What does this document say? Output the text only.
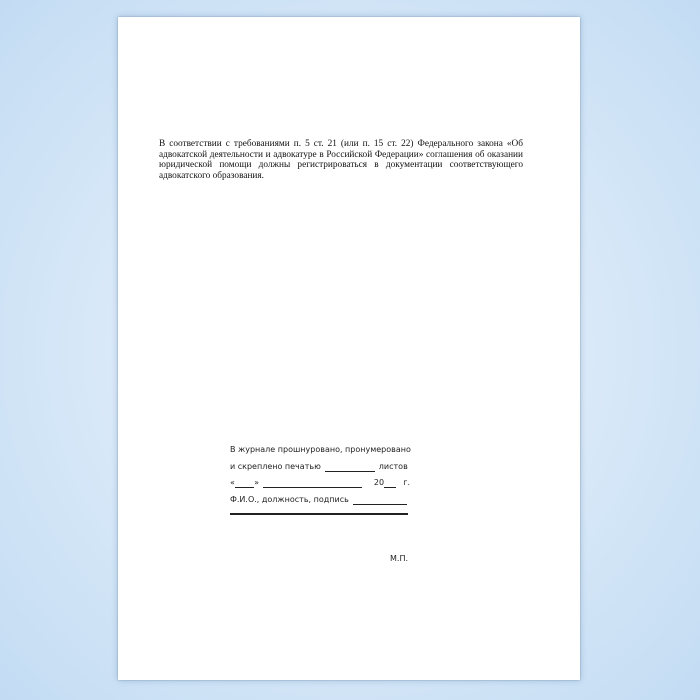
В соответствии с требованиями п. 5 ст. 21 (или п. 15 ст. 22) Федерального закона «Об адвокатской деятельности и адвокатуре в Российской Федерации» соглашения об оказании юридической помощи должны регистрироваться в документации соответствующего адвокатского образования.

В журнале прошнуровано, пронумеровано
и скреплено печатью	листов
« »	20 г.
Ф.И.О., должность, подпись
М.П.
